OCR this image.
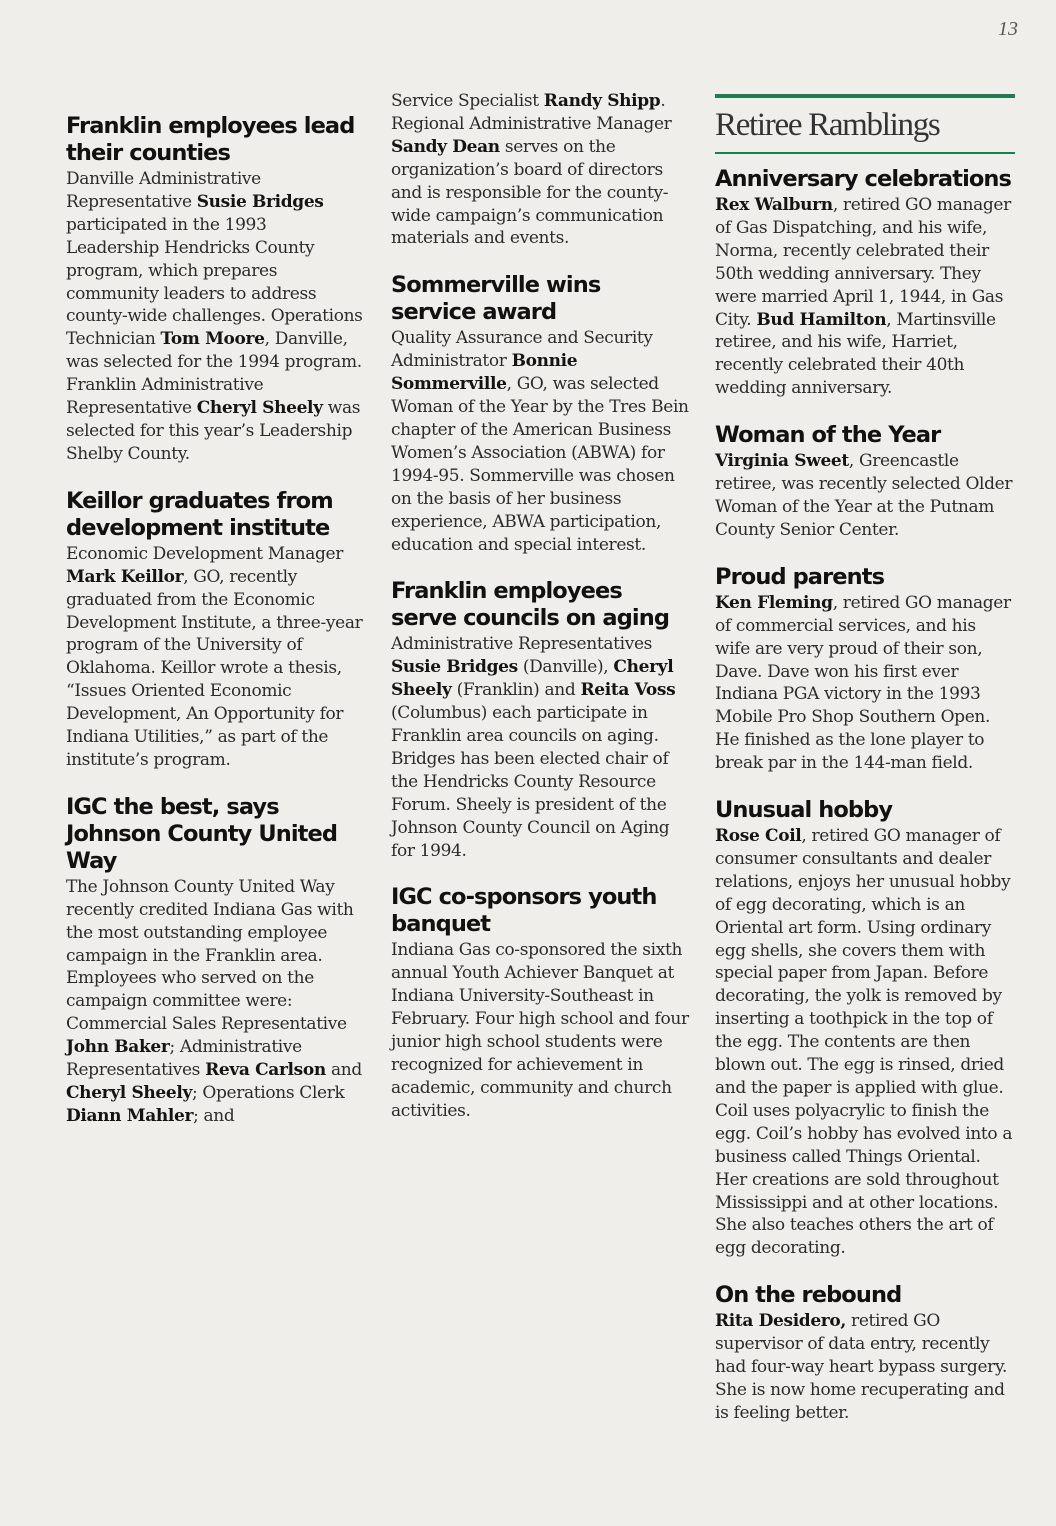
13
Franklin employees lead their counties

Danville Administrative Representative Susie Bridges participated in the 1993 Leadership Hendricks County program, which prepares community leaders to address county-wide challenges. Operations Technician Tom Moore, Danville, was selected for the 1994 program. Franklin Administrative Representative Cheryl Sheely was selected for this year’s Leadership Shelby County.

Keillor graduates from development institute

Economic Development Manager Mark Keillor, GO, recently graduated from the Economic Development Institute, a three-year program of the University of Oklahoma. Keillor wrote a thesis, “Issues Oriented Economic Development, An Opportunity for Indiana Utilities,” as part of the institute’s program.

IGC the best, says Johnson County United Way

The Johnson County United Way recently credited Indiana Gas with the most outstanding employee campaign in the Franklin area. Employees who served on the campaign committee were: Commercial Sales Representative John Baker; Administrative Representatives Reva Carlson and Cheryl Sheely; Operations Clerk Diann Mahler; and

Service Specialist Randy Shipp. Regional Administrative Manager Sandy Dean serves on the organization’s board of directors and is responsible for the county-wide campaign’s communication materials and events.

Sommerville wins service award

Quality Assurance and Security Administrator Bonnie Sommerville, GO, was selected Woman of the Year by the Tres Bein chapter of the American Business Women’s Association (ABWA) for 1994-95. Sommerville was chosen on the basis of her business experience, ABWA participation, education and special interest.

Franklin employees serve councils on aging

Administrative Representatives Susie Bridges (Danville), Cheryl Sheely (Franklin) and Reita Voss (Columbus) each participate in Franklin area councils on aging. Bridges has been elected chair of the Hendricks County Resource Forum. Sheely is president of the Johnson County Council on Aging for 1994.

IGC co-sponsors youth banquet

Indiana Gas co-sponsored the sixth annual Youth Achiever Banquet at Indiana University-Southeast in February. Four high school and four junior high school students were recognized for achievement in academic, community and church activities.

Retiree Ramblings
Anniversary celebrations

Rex Walburn, retired GO manager of Gas Dispatching, and his wife, Norma, recently celebrated their 50th wedding anniversary. They were married April 1, 1944, in Gas City. Bud Hamilton, Martinsville retiree, and his wife, Harriet, recently celebrated their 40th wedding anniversary.

Woman of the Year

Virginia Sweet, Greencastle retiree, was recently selected Older Woman of the Year at the Putnam County Senior Center.

Proud parents

Ken Fleming, retired GO manager of commercial services, and his wife are very proud of their son, Dave. Dave won his first ever Indiana PGA victory in the 1993 Mobile Pro Shop Southern Open. He finished as the lone player to break par in the 144-man field.

Unusual hobby

Rose Coil, retired GO manager of consumer consultants and dealer relations, enjoys her unusual hobby of egg decorating, which is an Oriental art form. Using ordinary egg shells, she covers them with special paper from Japan. Before decorating, the yolk is removed by inserting a toothpick in the top of the egg. The contents are then blown out. The egg is rinsed, dried and the paper is applied with glue. Coil uses polyacrylic to finish the egg. Coil’s hobby has evolved into a business called Things Oriental. Her creations are sold throughout Mississippi and at other locations. She also teaches others the art of egg decorating.

On the rebound

Rita Desidero, retired GO supervisor of data entry, recently had four-way heart bypass surgery. She is now home recuperating and is feeling better.
